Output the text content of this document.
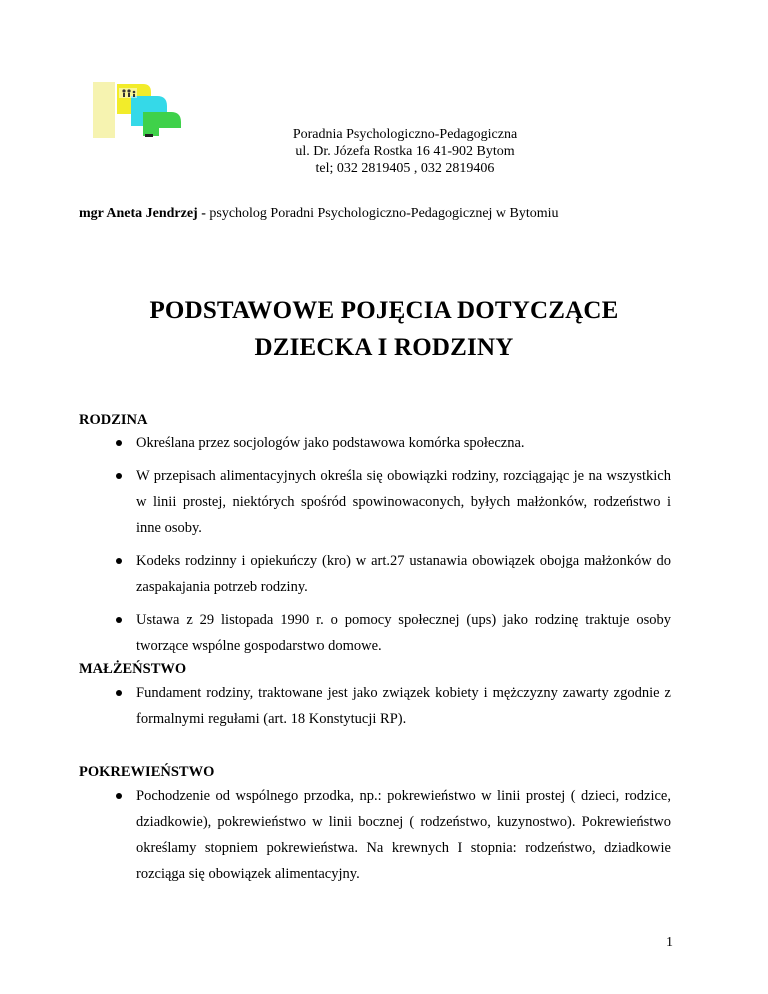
Poradnia Psychologiczno-Pedagogiczna
ul. Dr. Józefa Rostka 16 41-902 Bytom
tel; 032 2819405 , 032 2819406
mgr Aneta Jendrzej - psycholog Poradni Psychologiczno-Pedagogicznej w Bytomiu
PODSTAWOWE POJĘCIA DOTYCZĄCE
DZIECKA I RODZINY
RODZINA
Określana przez socjologów jako podstawowa komórka społeczna.
W przepisach alimentacyjnych określa się obowiązki rodziny, rozciągając je na wszystkich w linii prostej, niektórych spośród spowinowaconych, byłych małżonków, rodzeństwo i inne osoby.
Kodeks rodzinny i opiekuńczy (kro) w art.27 ustanawia obowiązek obojga małżonków do zaspakajania potrzeb rodziny.
Ustawa z 29 listopada 1990 r. o pomocy społecznej (ups) jako rodzinę traktuje osoby tworzące wspólne gospodarstwo domowe.
MAŁŻEŃSTWO
Fundament rodziny, traktowane jest jako związek kobiety i mężczyzny zawarty zgodnie z formalnymi regułami (art. 18 Konstytucji RP).
POKREWIEŃSTWO
Pochodzenie od wspólnego przodka, np.: pokrewieństwo w linii prostej ( dzieci, rodzice, dziadkowie), pokrewieństwo w linii bocznej ( rodzeństwo, kuzynostwo). Pokrewieństwo określamy stopniem pokrewieństwa. Na krewnych I stopnia: rodzeństwo, dziadkowie rozciąga się obowiązek alimentacyjny.
1
